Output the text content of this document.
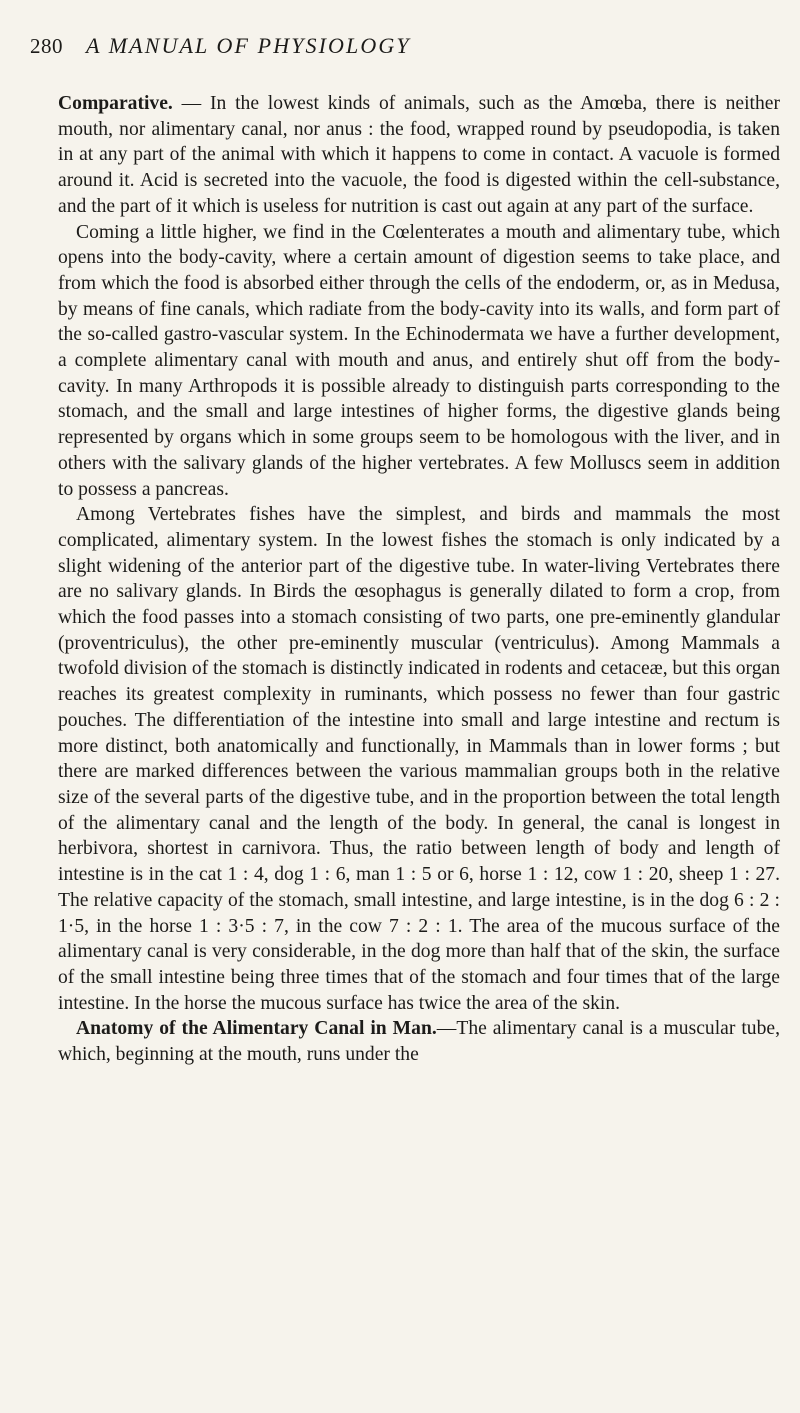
280 A MANUAL OF PHYSIOLOGY

Comparative. — In the lowest kinds of animals, such as the Amœba, there is neither mouth, nor alimentary canal, nor anus : the food, wrapped round by pseudopodia, is taken in at any part of the animal with which it happens to come in contact. A vacuole is formed around it. Acid is secreted into the vacuole, the food is digested within the cell-substance, and the part of it which is useless for nutrition is cast out again at any part of the surface.

Coming a little higher, we find in the Cœlenterates a mouth and alimentary tube, which opens into the body-cavity, where a certain amount of digestion seems to take place, and from which the food is absorbed either through the cells of the endoderm, or, as in Medusa, by means of fine canals, which radiate from the body-cavity into its walls, and form part of the so-called gastro-vascular system. In the Echinodermata we have a further development, a complete alimentary canal with mouth and anus, and entirely shut off from the body-cavity. In many Arthropods it is possible already to distinguish parts corresponding to the stomach, and the small and large intestines of higher forms, the digestive glands being represented by organs which in some groups seem to be homologous with the liver, and in others with the salivary glands of the higher vertebrates. A few Molluscs seem in addition to possess a pancreas.

Among Vertebrates fishes have the simplest, and birds and mammals the most complicated, alimentary system. In the lowest fishes the stomach is only indicated by a slight widening of the anterior part of the digestive tube. In water-living Vertebrates there are no salivary glands. In Birds the œsophagus is generally dilated to form a crop, from which the food passes into a stomach consisting of two parts, one pre-eminently glandular (proventriculus), the other pre-eminently muscular (ventriculus). Among Mammals a twofold division of the stomach is distinctly indicated in rodents and cetaceæ, but this organ reaches its greatest complexity in ruminants, which possess no fewer than four gastric pouches. The differentiation of the intestine into small and large intestine and rectum is more distinct, both anatomically and functionally, in Mammals than in lower forms ; but there are marked differences between the various mammalian groups both in the relative size of the several parts of the digestive tube, and in the proportion between the total length of the alimentary canal and the length of the body. In general, the canal is longest in herbivora, shortest in carnivora. Thus, the ratio between length of body and length of intestine is in the cat 1 : 4, dog 1 : 6, man 1 : 5 or 6, horse 1 : 12, cow 1 : 20, sheep 1 : 27. The relative capacity of the stomach, small intestine, and large intestine, is in the dog 6 : 2 : 1·5, in the horse 1 : 3·5 : 7, in the cow 7 : 2 : 1. The area of the mucous surface of the alimentary canal is very considerable, in the dog more than half that of the skin, the surface of the small intestine being three times that of the stomach and four times that of the large intestine. In the horse the mucous surface has twice the area of the skin.

Anatomy of the Alimentary Canal in Man.—The alimentary canal is a muscular tube, which, beginning at the mouth, runs under the
